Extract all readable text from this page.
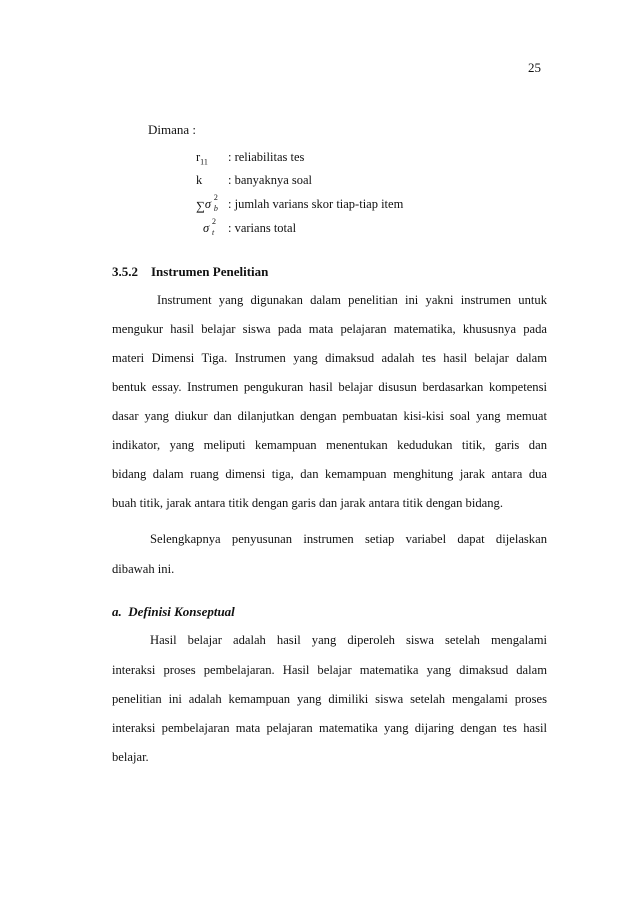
25
Dimana :
$r_{11}$	: reliabilitas tes
k	: banyaknya soal
∑ σ 2
b : jumlah varians skor tiap-tiap item
σ 2
t : varians total
3.5.2    Instrumen Penelitian
Instrument yang digunakan dalam penelitian ini yakni instrumen untuk
mengukur hasil belajar siswa pada mata pelajaran matematika, khususnya pada
materi Dimensi Tiga. Instrumen yang dimaksud adalah tes hasil belajar dalam
bentuk essay. Instrumen pengukuran hasil belajar disusun berdasarkan kompetensi
dasar yang diukur dan dilanjutkan dengan pembuatan kisi-kisi soal yang memuat
indikator, yang meliputi kemampuan menentukan kedudukan titik, garis dan
bidang dalam ruang dimensi tiga, dan kemampuan menghitung jarak antara dua
buah titik, jarak antara titik dengan garis dan jarak antara titik dengan bidang.
Selengkapnya penyusunan instrumen setiap variabel dapat dijelaskan
dibawah ini.
a.  Definisi Konseptual
Hasil belajar adalah hasil yang diperoleh siswa setelah mengalami
interaksi proses pembelajaran. Hasil belajar matematika yang dimaksud dalam
penelitian ini adalah kemampuan yang dimiliki siswa setelah mengalami proses
interaksi pembelajaran mata pelajaran matematika yang dijaring dengan tes hasil
belajar.
